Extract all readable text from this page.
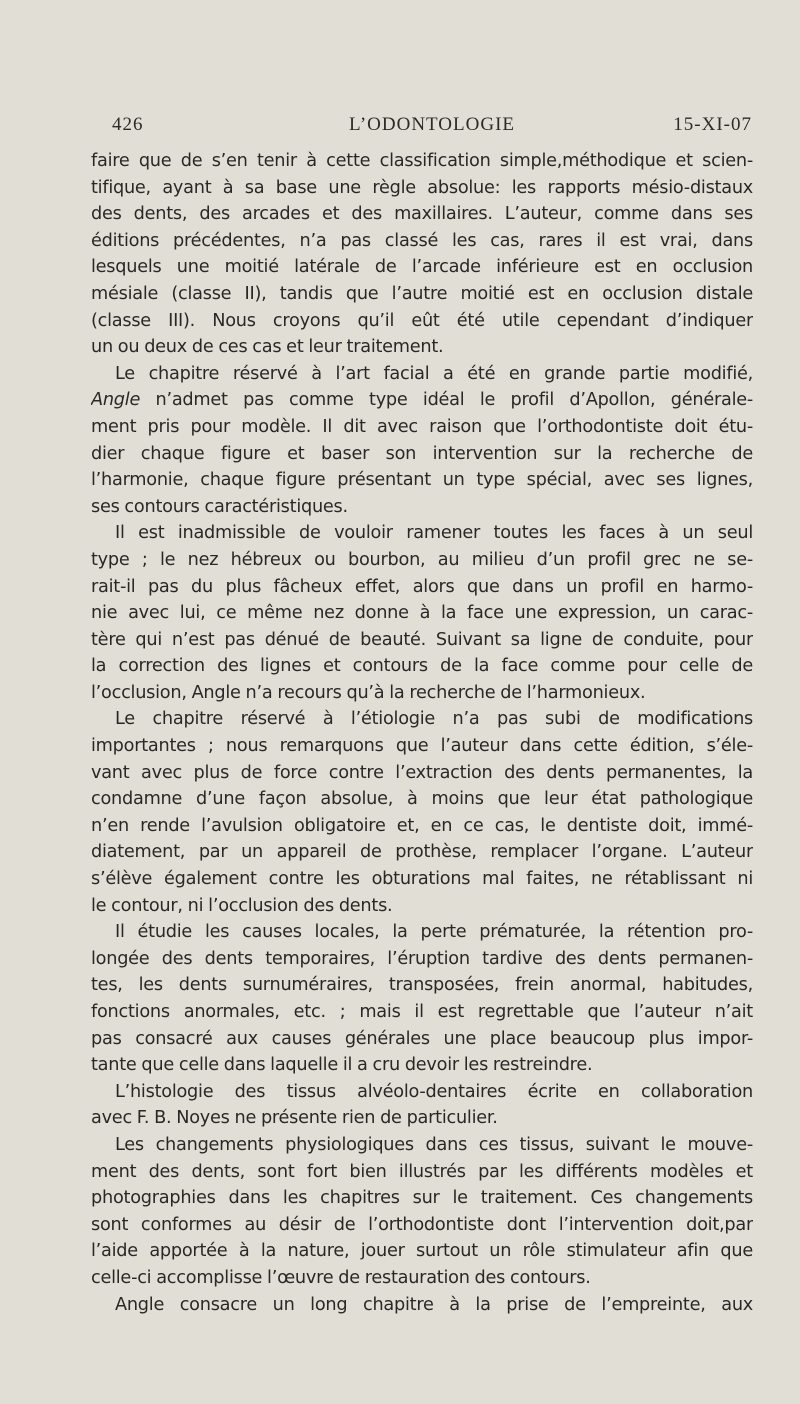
426	L’ODONTOLOGIE	15-XI-07
faire que de s’en tenir à cette classification simple,méthodique et scien-
tifique, ayant à sa base une règle absolue: les rapports mésio-distaux
des dents, des arcades et des maxillaires. L’auteur, comme dans ses
éditions précédentes, n’a pas classé les cas, rares il est vrai, dans
lesquels une moitié latérale de l’arcade inférieure est en occlusion
mésiale (classe II), tandis que l’autre moitié est en occlusion distale
(classe III). Nous croyons qu’il eût été utile cependant d’indiquer
un ou deux de ces cas et leur traitement.
Le chapitre réservé à l’art facial a été en grande partie modifié,
Angle n’admet pas comme type idéal le profil d’Apollon, générale-
ment pris pour modèle. Il dit avec raison que l’orthodontiste doit étu-
dier chaque figure et baser son intervention sur la recherche de
l’harmonie, chaque figure présentant un type spécial, avec ses lignes,
ses contours caractéristiques.
Il est inadmissible de vouloir ramener toutes les faces à un seul
type ; le nez hébreux ou bourbon, au milieu d’un profil grec ne se-
rait-il pas du plus fâcheux effet, alors que dans un profil en harmo-
nie avec lui, ce même nez donne à la face une expression, un carac-
tère qui n’est pas dénué de beauté. Suivant sa ligne de conduite, pour
la correction des lignes et contours de la face comme pour celle de
l’occlusion, Angle n’a recours qu’à la recherche de l’harmonieux.
Le chapitre réservé à l’étiologie n’a pas subi de modifications
importantes ; nous remarquons que l’auteur dans cette édition, s’éle-
vant avec plus de force contre l’extraction des dents permanentes, la
condamne d’une façon absolue, à moins que leur état pathologique
n’en rende l’avulsion obligatoire et, en ce cas, le dentiste doit, immé-
diatement, par un appareil de prothèse, remplacer l’organe. L’auteur
s’élève également contre les obturations mal faites, ne rétablissant ni
le contour, ni l’occlusion des dents.
Il étudie les causes locales, la perte prématurée, la rétention pro-
longée des dents temporaires, l’éruption tardive des dents permanen-
tes, les dents surnuméraires, transposées, frein anormal, habitudes,
fonctions anormales, etc. ; mais il est regrettable que l’auteur n’ait
pas consacré aux causes générales une place beaucoup plus impor-
tante que celle dans laquelle il a cru devoir les restreindre.
L’histologie des tissus alvéolo-dentaires écrite en collaboration
avec F. B. Noyes ne présente rien de particulier.
Les changements physiologiques dans ces tissus, suivant le mouve-
ment des dents, sont fort bien illustrés par les différents modèles et
photographies dans les chapitres sur le traitement. Ces changements
sont conformes au désir de l’orthodontiste dont l’intervention doit,par
l’aide apportée à la nature, jouer surtout un rôle stimulateur afin que
celle-ci accomplisse l’œuvre de restauration des contours.
Angle consacre un long chapitre à la prise de l’empreinte, aux
